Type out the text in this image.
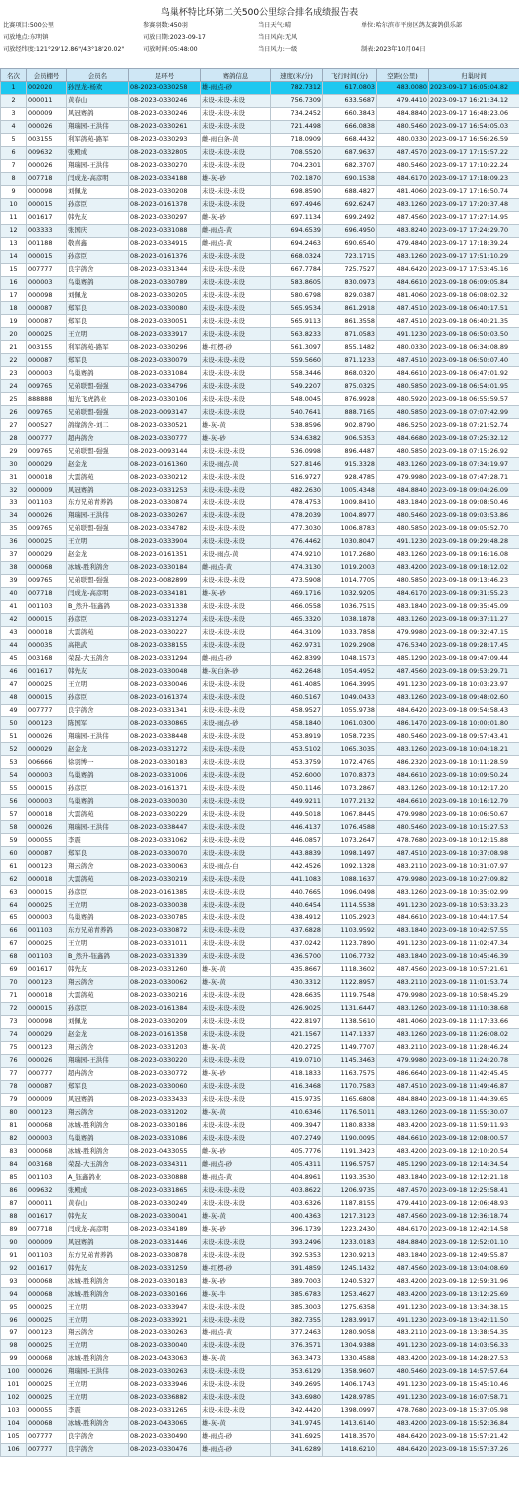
鸟巢杯特比环第二关500公里综合排名成绩报告表
比赛项目:500公里	参赛羽数:450羽	当日天气:晴	单位:哈尔滨市平房区鸽友赛鸽俱乐部
司放地点:东明镇	司放日期:2023-09-17	当日风向:无风
司放经纬度:121°29'12.86"/43°18'20.02"	司放时间:05:48:00	当日风力:一级	制表:2023年10月04日
名次	会员棚号	会员名	足环号	赛鸽信息	速度(米/分)	飞行时间(分)	空距(公里)	归巢时间
1	002020	孙涅龙-杨欢	08-2023-0330258	雄-雨点-砂	782.7312	617.0803	483.0080	2023-09-17 16:05:04.82
2	000011	黄春山	08-2023-0330246	未设-未设-未设	756.7309	633.5687	479.4410	2023-09-17 16:21:34.12
3	000009	风冠赛鸽	08-2023-0330246	未设-未设-未设	734.2452	660.3843	484.8840	2023-09-17 16:48:23.06
4	000026	翔瑞园-王洪伟	08-2023-0330261	未设-未设-未设	721.4498	666.0838	480.5460	2023-09-17 16:54:05.03
5	003155	利军鸽苑-路军	08-2023-0330293	雌-雨白条-黄	718.0909	668.4432	480.0330	2023-09-17 16:56:26.59
6	009632	张殿成	08-2023-0332805	未设-未设-未设	708.5520	687.9637	487.4570	2023-09-17 17:15:57.22
7	000026	翔瑞园-王洪伟	08-2023-0330270	未设-未设-未设	704.2301	682.3707	480.5460	2023-09-17 17:10:22.24
8	007718	闫成龙-高彦明	08-2023-0334188	雄-灰-砂	702.1870	690.1538	484.6170	2023-09-17 17:18:09.23
9	000098	刘佩龙	08-2023-0330208	未设-未设-未设	698.8590	688.4827	481.4060	2023-09-17 17:16:50.74
10	000015	孙彦臣	08-2023-0161378	未设-未设-未设	697.4946	692.6247	483.1260	2023-09-17 17:20:37.48
11	001617	韩先友	08-2023-0330297	雌-灰-砂	697.1134	699.2492	487.4560	2023-09-17 17:27:14.95
12	003333	张国庆	08-2023-0331088	雌-雨点-黄	694.6539	696.4950	483.8240	2023-09-17 17:24:29.70
13	001188	敬喜鑫	08-2023-0334915	雌-雨点-黄	694.2463	690.6540	479.4840	2023-09-17 17:18:39.24
14	000015	孙彦臣	08-2023-0161376	未设-未设-未设	668.0324	723.1715	483.1260	2023-09-17 17:51:10.29
15	007777	良宇鸽舍	08-2023-0331344	未设-未设-未设	667.7784	725.7527	484.6420	2023-09-17 17:53:45.16
16	000003	鸟巢赛鸽	08-2023-0330789	未设-未设-未设	583.8605	830.0973	484.6610	2023-09-18 06:09:05.84
17	000098	刘佩龙	08-2023-0330205	未设-未设-未设	580.6798	829.0387	481.4060	2023-09-18 06:08:02.32
18	000087	郑军良	08-2023-0330080	未设-未设-未设	565.9534	861.2918	487.4510	2023-09-18 06:40:17.51
19	000087	郑军良	08-2023-0330051	未设-未设-未设	565.9113	861.3558	487.4510	2023-09-18 06:40:21.35
20	000025	王立明	08-2023-0333917	未设-未设-未设	563.8233	871.0583	491.1230	2023-09-18 06:50:03.50
21	003155	利军鸽苑-路军	08-2023-0330296	雄-红楞-砂	561.3097	855.1482	480.0330	2023-09-18 06:34:08.89
22	000087	郑军良	08-2023-0330079	未设-未设-未设	559.5660	871.1233	487.4510	2023-09-18 06:50:07.40
23	000003	鸟巢赛鸽	08-2023-0331084	未设-未设-未设	558.3446	868.0320	484.6610	2023-09-18 06:47:01.92
24	009765	兄弟联盟-强强	08-2023-0334796	未设-未设-未设	549.2207	875.0325	480.5850	2023-09-18 06:54:01.95
25	888888	旭光飞虎鸽业	08-2023-0330106	未设-未设-未设	548.0045	876.9928	480.5920	2023-09-18 06:55:59.57
26	009765	兄弟联盟-强强	08-2023-0093147	未设-未设-未设	540.7641	888.7165	480.5850	2023-09-18 07:07:42.99
27	000527	鸽缘鸽舍-刘二	08-2023-0330521	雄-灰-黄	538.8596	902.8790	486.5250	2023-09-18 07:21:52.74
28	000777	超冉鸽舍	08-2023-0330777	雄-灰-砂	534.6382	906.5353	484.6680	2023-09-18 07:25:32.12
29	009765	兄弟联盟-强强	08-2023-0093144	未设-未设-未设	536.0998	896.4487	480.5850	2023-09-18 07:15:26.92
30	000029	赵金龙	08-2023-0161360	未设-雨点-黄	527.8146	915.3328	483.1260	2023-09-18 07:34:19.97
31	000018	大雲鸽苑	08-2023-0330212	未设-未设-未设	516.9727	928.4785	479.9980	2023-09-18 07:47:28.71
32	000009	风冠赛鸽	08-2023-0331253	未设-未设-未设	482.2630	1005.4348	484.8840	2023-09-18 09:04:26.09
33	001103	东方兄弟青养鸽	08-2023-0330874	未设-未设-未设	478.4753	1009.8410	483.1840	2023-09-18 09:08:50.46
34	000026	翔瑞园-王洪伟	08-2023-0330267	未设-未设-未设	478.2039	1004.8977	480.5460	2023-09-18 09:03:53.86
35	009765	兄弟联盟-强强	08-2023-0334782	未设-未设-未设	477.3030	1006.8783	480.5850	2023-09-18 09:05:52.70
36	000025	王立明	08-2023-0333904	未设-未设-未设	476.4462	1030.8047	491.1230	2023-09-18 09:29:48.28
37	000029	赵金龙	08-2023-0161351	未设-雨点-黄	474.9210	1017.2680	483.1260	2023-09-18 09:16:16.08
38	000068	冰城-胜利鸽舍	08-2023-0330184	雌-雨点-黄	474.3130	1019.2003	483.4200	2023-09-18 09:18:12.02
39	009765	兄弟联盟-强强	08-2023-0082899	未设-未设-未设	473.5908	1014.7705	480.5850	2023-09-18 09:13:46.23
40	007718	闫成龙-高彦明	08-2023-0334181	雄-灰-砂	469.1716	1032.9205	484.6170	2023-09-18 09:31:55.23
41	001103	B_然升-钰鑫鸽	08-2023-0331338	未设-未设-未设	466.0558	1036.7515	483.1840	2023-09-18 09:35:45.09
42	000015	孙彦臣	08-2023-0331274	未设-未设-未设	465.3320	1038.1878	483.1260	2023-09-18 09:37:11.27
43	000018	大雲鸽苑	08-2023-0330227	未设-未设-未设	464.3109	1033.7858	479.9980	2023-09-18 09:32:47.15
44	000035	高艳武	08-2023-0338155	未设-未设-未设	462.9731	1029.2908	476.5340	2023-09-18 09:28:17.45
45	003168	荣磊-大玉鸽舍	08-2023-0331294	雌-雨点-砂	462.8399	1048.1573	485.1290	2023-09-18 09:47:09.44
46	001617	韩先友	08-2023-0330048	雄-灰白条-砂	462.2648	1054.4952	487.4560	2023-09-18 09:53:29.71
47	000025	王立明	08-2023-0330046	未设-未设-未设	461.4085	1064.3995	491.1230	2023-09-18 10:03:23.97
48	000015	孙彦臣	08-2023-0161374	未设-未设-未设	460.5167	1049.0433	483.1260	2023-09-18 09:48:02.60
49	007777	良宇鸽舍	08-2023-0331341	未设-未设-未设	458.9527	1055.9738	484.6420	2023-09-18 09:54:58.43
50	000123	陈国军	08-2023-0330865	未设-雨点-砂	458.1840	1061.0300	486.1470	2023-09-18 10:00:01.80
51	000026	翔瑞园-王洪伟	08-2023-0338448	未设-未设-未设	453.8919	1058.7235	480.5460	2023-09-18 09:57:43.41
52	000029	赵金龙	08-2023-0331272	未设-未设-未设	453.5102	1065.3035	483.1260	2023-09-18 10:04:18.21
53	006666	徐羽博一	08-2023-0330183	未设-未设-未设	453.3759	1072.4765	486.2320	2023-09-18 10:11:28.59
54	000003	鸟巢赛鸽	08-2023-0331006	未设-未设-未设	452.6000	1070.8373	484.6610	2023-09-18 10:09:50.24
55	000015	孙彦臣	08-2023-0161371	未设-未设-未设	450.1146	1073.2867	483.1260	2023-09-18 10:12:17.20
56	000003	鸟巢赛鸽	08-2023-0330030	未设-未设-未设	449.9211	1077.2132	484.6610	2023-09-18 10:16:12.79
57	000018	大雲鸽苑	08-2023-0330229	未设-未设-未设	449.5018	1067.8445	479.9980	2023-09-18 10:06:50.67
58	000026	翔瑞园-王洪伟	08-2023-0338447	未设-未设-未设	446.4137	1076.4588	480.5460	2023-09-18 10:15:27.53
59	000055	李震	08-2023-0331062	未设-未设-未设	446.0857	1073.2647	478.7680	2023-09-18 10:12:15.88
60	000087	郑军良	08-2023-0330070	未设-未设-未设	443.8839	1098.1497	487.4510	2023-09-18 10:37:08.98
61	000123	翔云鸽舍	08-2023-0330063	未设-雨点-白	442.4526	1092.1328	483.2110	2023-09-18 10:31:07.97
62	000018	大雲鸽苑	08-2023-0330219	未设-未设-未设	441.1083	1088.1637	479.9980	2023-09-18 10:27:09.82
63	000015	孙彦臣	08-2023-0161385	未设-未设-未设	440.7665	1096.0498	483.1260	2023-09-18 10:35:02.99
64	000025	王立明	08-2023-0330038	未设-未设-未设	440.6454	1114.5538	491.1230	2023-09-18 10:53:33.23
65	000003	鸟巢赛鸽	08-2023-0330785	未设-未设-未设	438.4912	1105.2923	484.6610	2023-09-18 10:44:17.54
66	001103	东方兄弟青养鸽	08-2023-0330872	未设-未设-未设	437.6828	1103.9592	483.1840	2023-09-18 10:42:57.55
67	000025	王立明	08-2023-0331011	未设-未设-未设	437.0242	1123.7890	491.1230	2023-09-18 11:02:47.34
68	001103	B_然升-钰鑫鸽	08-2023-0331339	未设-未设-未设	436.5700	1106.7732	483.1840	2023-09-18 10:45:46.39
69	001617	韩先友	08-2023-0331260	雄-灰-黄	435.8667	1118.3602	487.4560	2023-09-18 10:57:21.61
70	000123	翔云鸽舍	08-2023-0330062	雄-灰-黄	430.3312	1122.8957	483.2110	2023-09-18 11:01:53.74
71	000018	大雲鸽苑	08-2023-0330216	未设-未设-未设	428.6635	1119.7548	479.9980	2023-09-18 10:58:45.29
72	000015	孙彦臣	08-2023-0161384	未设-未设-未设	426.9025	1131.6447	483.1260	2023-09-18 11:10:38.68
73	000098	刘佩龙	08-2023-0330209	未设-未设-未设	422.8197	1138.5610	481.4060	2023-09-18 11:17:33.66
74	000029	赵金龙	08-2023-0161358	未设-未设-未设	421.1567	1147.1337	483.1260	2023-09-18 11:26:08.02
75	000123	翔云鸽舍	08-2023-0331203	雄-灰-黄	420.2725	1149.7707	483.2110	2023-09-18 11:28:46.24
76	000026	翔瑞园-王洪伟	08-2023-0330220	未设-未设-未设	419.0710	1145.3463	479.9980	2023-09-18 11:24:20.78
77	000777	超冉鸽舍	08-2023-0330772	雄-灰-砂	418.1833	1163.7575	486.6640	2023-09-18 11:42:45.45
78	000087	郑军良	08-2023-0330060	未设-未设-未设	416.3468	1170.7583	487.4510	2023-09-18 11:49:46.87
79	000009	风冠赛鸽	08-2023-0333433	未设-未设-未设	415.9735	1165.6808	484.8840	2023-09-18 11:44:39.65
80	000123	翔云鸽舍	08-2023-0331202	雄-灰-黄	410.6346	1176.5011	483.1260	2023-09-18 11:55:30.07
81	000068	冰城-胜利鸽舍	08-2023-0330186	未设-未设-未设	409.3947	1180.8338	483.4200	2023-09-18 11:59:11.93
82	000003	鸟巢赛鸽	08-2023-0331086	未设-未设-未设	407.2749	1190.0095	484.6610	2023-09-18 12:08:00.57
83	000068	冰城-胜利鸽舍	08-2023-0433055	雌-灰-砂	405.7776	1191.3423	483.4200	2023-09-18 12:10:20.54
84	003168	荣磊-大玉鸽舍	08-2023-0334311	雌-雨点-砂	405.4311	1196.5757	485.1290	2023-09-18 12:14:34.54
85	001103	A_钰鑫鸽业	08-2023-0330888	雄-雨点-黄	404.8961	1193.3530	483.1840	2023-09-18 12:12:21.18
86	009632	张殿成	08-2023-0331865	未设-未设-未设	403.8622	1206.9735	487.4570	2023-09-18 12:25:58.41
87	000011	黄春山	08-2023-0330249	未设-未设-未设	403.6326	1187.8155	479.4410	2023-09-18 12:06:48.93
88	001617	韩先友	08-2023-0330041	雄-灰-黄	400.4363	1217.3123	487.4560	2023-09-18 12:36:18.74
89	007718	闫成龙-高彦明	08-2023-0334189	雄-灰-砂	396.1739	1223.2430	484.6170	2023-09-18 12:42:14.58
90	000009	风冠赛鸽	08-2023-0331446	未设-未设-未设	393.2496	1233.0183	484.8840	2023-09-18 12:52:01.10
91	001103	东方兄弟青养鸽	08-2023-0330878	未设-未设-未设	392.5353	1230.9213	483.1840	2023-09-18 12:49:55.87
92	001617	韩先友	08-2023-0331259	雄-红楞-砂	391.4859	1245.1432	487.4560	2023-09-18 13:04:08.69
93	000068	冰城-胜利鸽舍	08-2023-0330183	雄-灰-砂	389.7003	1240.5327	483.4200	2023-09-18 12:59:31.96
94	000068	冰城-胜利鸽舍	08-2023-0330166	雄-灰-牛	385.6783	1253.4627	483.4200	2023-09-18 13:12:25.69
95	000025	王立明	08-2023-0333947	未设-未设-未设	385.3003	1275.6358	491.1230	2023-09-18 13:34:38.15
96	000025	王立明	08-2023-0333921	未设-未设-未设	382.7355	1283.9917	491.1230	2023-09-18 13:42:11.50
97	000123	翔云鸽舍	08-2023-0330263	雄-雨点-黄	377.2463	1280.9058	483.2110	2023-09-18 13:38:54.35
98	000025	王立明	08-2023-0330040	未设-未设-未设	376.3571	1304.9388	491.1230	2023-09-18 14:03:56.33
99	000068	冰城-胜利鸽舍	08-2023-0433063	雄-灰-黄	363.3473	1330.4588	483.4200	2023-09-18 14:28:27.53
100	000026	翔瑞园-王洪伟	08-2023-0330263	未设-未设-未设	353.6129	1358.9607	480.5460	2023-09-18 14:57:57.64
101	000025	王立明	08-2023-0333946	未设-未设-未设	349.2695	1406.1743	491.1230	2023-09-18 15:45:10.46
102	000025	王立明	08-2023-0336882	未设-未设-未设	343.6980	1428.9785	491.1230	2023-09-18 16:07:58.71
103	000055	李震	08-2023-0331265	未设-未设-未设	342.4420	1398.0997	478.7680	2023-09-18 15:37:05.98
104	000068	冰城-胜利鸽舍	08-2023-0433065	雄-灰-黄	341.9745	1413.6140	483.4200	2023-09-18 15:52:36.84
105	007777	良宇鸽舍	08-2023-0330490	雄-雨点-砂	341.6925	1418.3570	484.6420	2023-09-18 15:57:21.42
106	007777	良宇鸽舍	08-2023-0330476	雄-雨点-砂	341.6289	1418.6210	484.6420	2023-09-18 15:57:37.26
